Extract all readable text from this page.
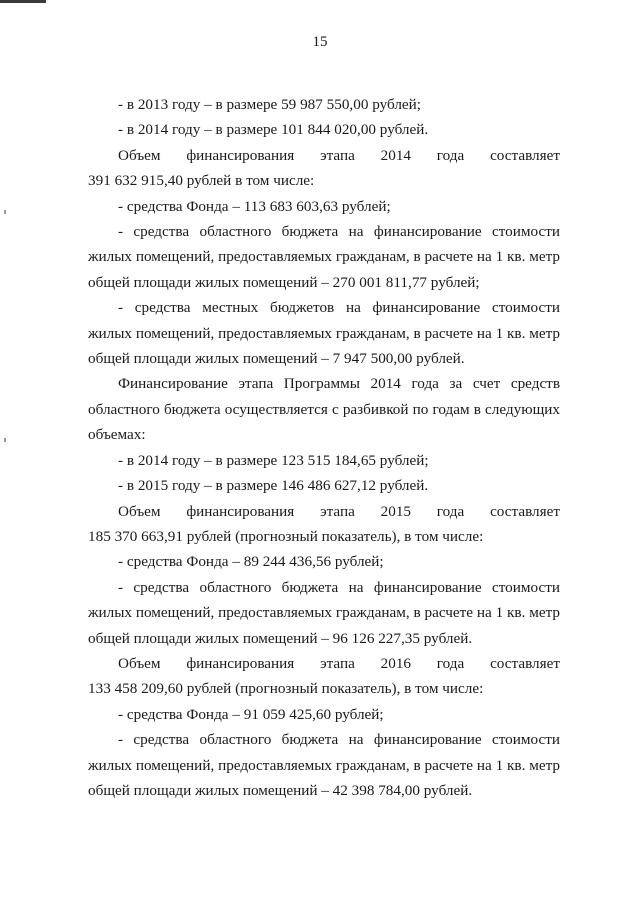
15

- в 2013 году – в размере 59 987 550,00 рублей;

- в 2014 году – в размере 101 844 020,00 рублей.

Объем финансирования этапа 2014 года составляет

391 632 915,40 рублей в том числе:

- средства Фонда – 113 683 603,63 рублей;

- средства областного бюджета на финансирование стоимости жилых помещений, предоставляемых гражданам, в расчете на 1 кв. метр общей площади жилых помещений – 270 001 811,77 рублей;

- средства местных бюджетов на финансирование стоимости жилых помещений, предоставляемых гражданам, в расчете на 1 кв. метр общей площади жилых помещений – 7 947 500,00 рублей.

Финансирование этапа Программы 2014 года за счет средств областного бюджета осуществляется с разбивкой по годам в следующих объемах:

- в 2014 году – в размере 123 515 184,65 рублей;

- в 2015 году – в размере 146 486 627,12 рублей.

Объем финансирования этапа 2015 года составляет

185 370 663,91 рублей (прогнозный показатель), в том числе:

- средства Фонда – 89 244 436,56 рублей;

- средства областного бюджета на финансирование стоимости жилых помещений, предоставляемых гражданам, в расчете на 1 кв. метр общей площади жилых помещений – 96 126 227,35 рублей.

Объем финансирования этапа 2016 года составляет

133 458 209,60 рублей (прогнозный показатель), в том числе:

- средства Фонда – 91 059 425,60 рублей;

- средства областного бюджета на финансирование стоимости жилых помещений, предоставляемых гражданам, в расчете на 1 кв. метр общей площади жилых помещений – 42 398 784,00 рублей.
